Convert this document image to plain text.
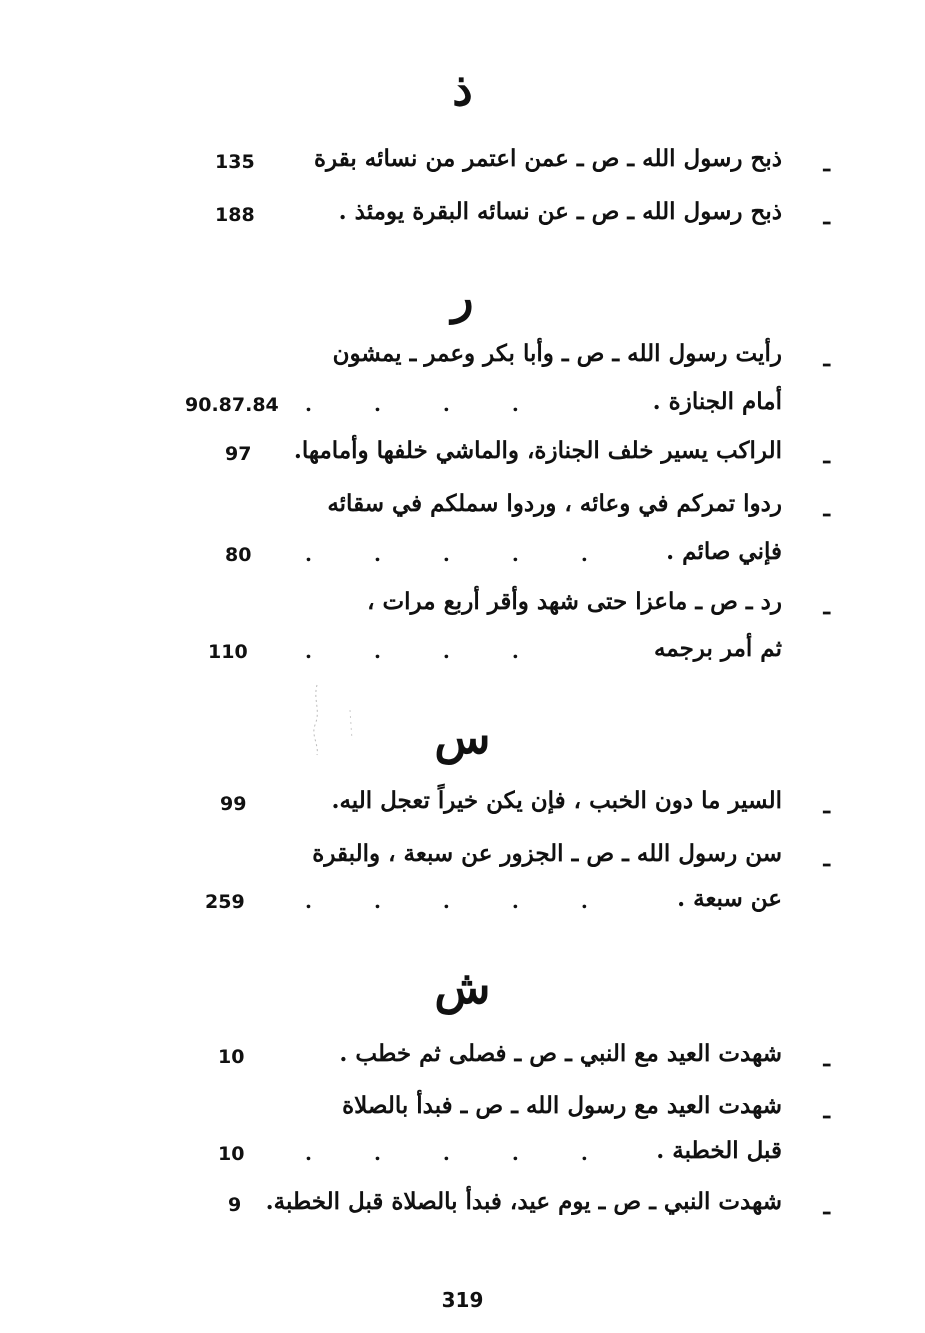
ذ
ـ
ذبح رسول الله ـ ص ـ عمن اعتمر من نسائه بقرة
135
ـ
ذبح رسول الله ـ ص ـ عن نسائه البقرة يومئذ .
188
ر
ـ
رأيت رسول الله ـ ص ـ وأبا بكر وعمر ـ يمشون
أمام الجنازة .
....
90.87.84
ـ
الراكب يسير خلف الجنازة، والماشي خلفها وأمامها.
97
ـ
ردوا تمركم في وعائه ، وردوا سملكم في سقائه
فإني صائم .
.....
80
ـ
رد ـ ص ـ ماعزا حتى شهد وأقر أربع مرات ،
ثم أمر برجمه
....
110
س
ـ
السير ما دون الخبب ، فإن يكن خيراً تعجل اليه.
99
ـ
سن رسول الله ـ ص ـ الجزور عن سبعة ، والبقرة
عن سبعة .
.....
259
ش
ـ
شهدت العيد مع النبي ـ ص ـ فصلى ثم خطب .
10
ـ
شهدت العيد مع رسول الله ـ ص ـ فبدأ بالصلاة
قبل الخطبة .
.....
10
ـ
شهدت النبي ـ ص ـ يوم عيد، فبدأ بالصلاة قبل الخطبة.
9
319
